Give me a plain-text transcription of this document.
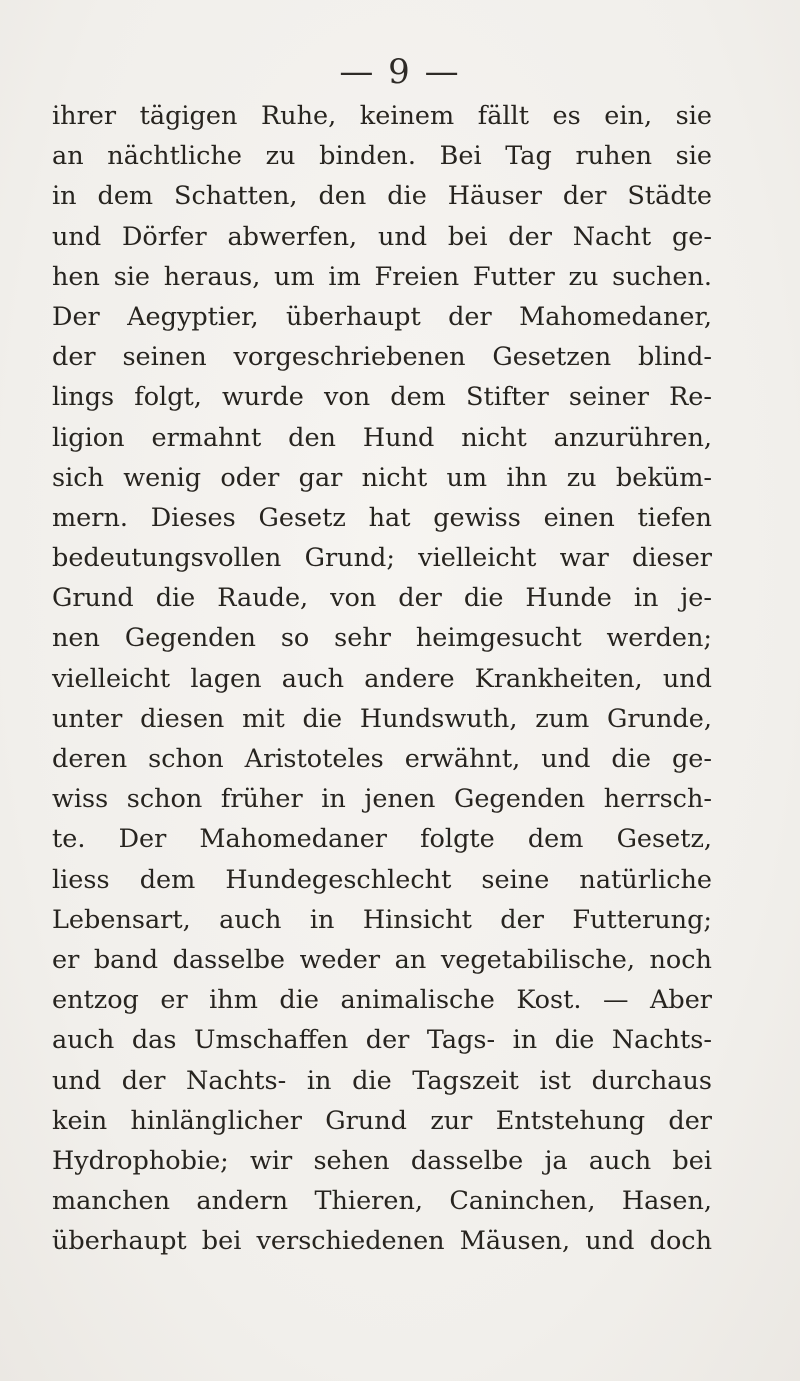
— 9 —
ihrer tägigen Ruhe, keinem fällt es ein, sie
an nächtliche zu binden. Bei Tag ruhen sie
in dem Schatten, den die Häuser der Städte
und Dörfer abwerfen, und bei der Nacht ge-
hen sie heraus, um im Freien Futter zu suchen.
Der Aegyptier, überhaupt der Mahomedaner,
der seinen vorgeschriebenen Gesetzen blind-
lings folgt, wurde von dem Stifter seiner Re-
ligion ermahnt den Hund nicht anzurühren,
sich wenig oder gar nicht um ihn zu beküm-
mern. Dieses Gesetz hat gewiss einen tiefen
bedeutungsvollen Grund; vielleicht war dieser
Grund die Raude, von der die Hunde in je-
nen Gegenden so sehr heimgesucht werden;
vielleicht lagen auch andere Krankheiten, und
unter diesen mit die Hundswuth, zum Grunde,
deren schon Aristoteles erwähnt, und die ge-
wiss schon früher in jenen Gegenden herrsch-
te. Der Mahomedaner folgte dem Gesetz,
liess dem Hundegeschlecht seine natürliche
Lebensart, auch in Hinsicht der Futterung;
er band dasselbe weder an vegetabilische, noch
entzog er ihm die animalische Kost. — Aber
auch das Umschaffen der Tags- in die Nachts-
und der Nachts- in die Tagszeit ist durchaus
kein hinlänglicher Grund zur Entstehung der
Hydrophobie; wir sehen dasselbe ja auch bei
manchen andern Thieren, Caninchen, Hasen,
überhaupt bei verschiedenen Mäusen, und doch
